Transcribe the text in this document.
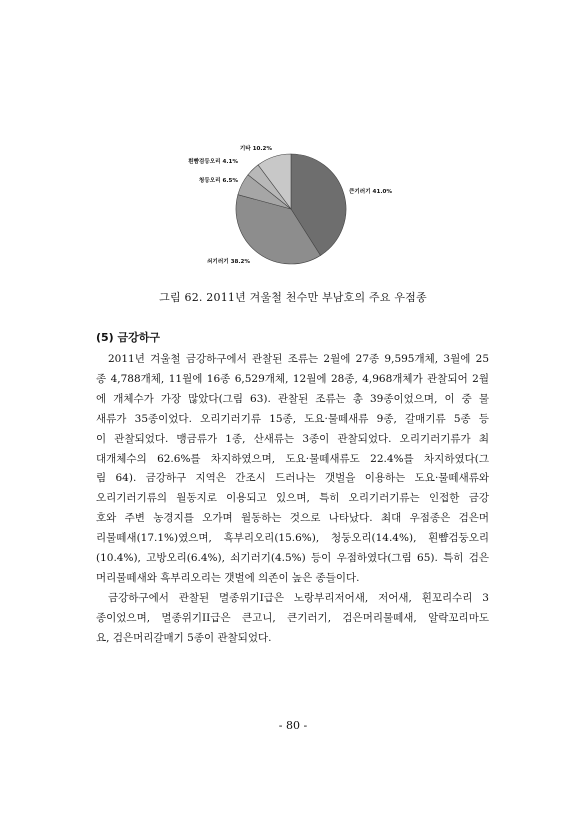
큰기러기 41.0%
쇠기러기 38.2%
청둥오리 6.5%
흰뺨검둥오리 4.1%
기타 10.2%
그림 62. 2011년 겨울철 천수만 부남호의 주요 우점종
(5) 금강하구
2011년 겨울철 금강하구에서 관찰된 조류는 2월에 27종 9,595개체, 3월에 25
종 4,788개체, 11월에 16종 6,529개체, 12월에 28종, 4,968개체가 관찰되어 2월
에 개체수가 가장 많았다(그림 63). 관찰된 조류는 총 39종이었으며, 이 중 물
새류가 35종이었다. 오리기러기류 15종, 도요·물떼새류 9종, 갈매기류 5종 등
이 관찰되었다. 맹금류가 1종, 산새류는 3종이 관찰되었다. 오리기러기류가 최
대개체수의 62.6%를 차지하였으며, 도요·물떼새류도 22.4%를 차지하였다(그
림 64). 금강하구 지역은 간조시 드러나는 갯벌을 이용하는 도요·물떼새류와
오리기러기류의 월동지로 이용되고 있으며, 특히 오리기러기류는 인접한 금강
호와 주변 농경지를 오가며 월동하는 것으로 나타났다. 최대 우점종은 검은머
리물떼새(17.1%)였으며, 흑부리오리(15.6%), 청둥오리(14.4%), 흰뺨검둥오리
(10.4%), 고방오리(6.4%), 쇠기러기(4.5%) 등이 우점하였다(그림 65). 특히 검은
머리물떼새와 흑부리오리는 갯벌에 의존이 높은 종들이다.
금강하구에서 관찰된 멸종위기I급은 노랑부리저어새, 저어새, 흰꼬리수리 3
종이었으며, 멸종위기II급은 큰고니, 큰기러기, 검은머리물떼새, 알락꼬리마도
요, 검은머리갈매기 5종이 관찰되었다.
- 80 -
